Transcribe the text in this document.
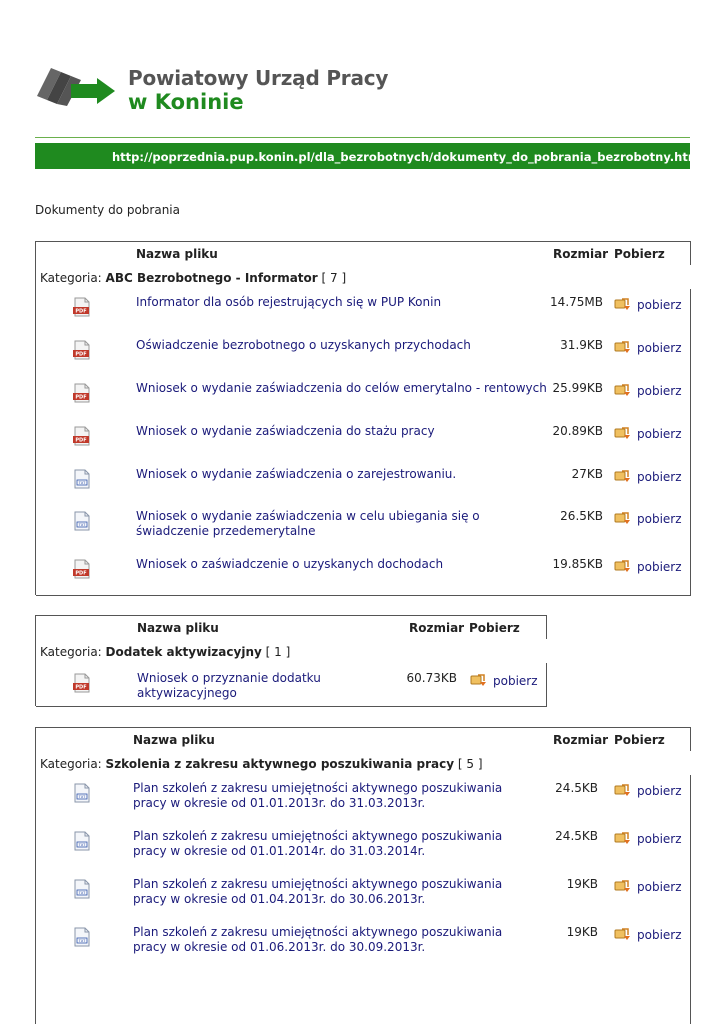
Powiatowy Urząd Pracy
w Koninie
http://poprzednia.pup.konin.pl/dla_bezrobotnych/dokumenty_do_pobrania_bezrobotny.html
Dokumenty do pobrania
Nazwa pliku	Rozmiar Pobierz
Kategoria: ABC Bezrobotnego - Informator [ 7 ]
PDF
Informator dla osób rejestrujących się w PUP Konin	14.75MB	pobierz
PDF
Oświadczenie bezrobotnego o uzyskanych przychodach	31.9KB	pobierz
PDF
Wniosek o wydanie zaświadczenia do celów emerytalno - rentowych 25.99KB	pobierz
PDF
Wniosek o wydanie zaświadczenia do stażu pracy	20.89KB	pobierz
TXT
Wniosek o wydanie zaświadczenia o zarejestrowaniu.	27KB	pobierz
TXT
Wniosek o wydanie zaświadczenia w celu ubiegania się o świadczenie przedemerytalne
26.5KB	pobierz
PDF
Wniosek o zaświadczenie o uzyskanych dochodach	19.85KB	pobierz
Nazwa pliku	Rozmiar Pobierz
Kategoria: Dodatek aktywizacyjny [ 1 ]
PDF
Wniosek o przyznanie dodatku aktywizacyjnego
60.73KB	pobierz
Nazwa pliku	Rozmiar Pobierz
Kategoria: Szkolenia z zakresu aktywnego poszukiwania pracy [ 5 ]
TXT
Plan szkoleń z zakresu umiejętności aktywnego poszukiwania pracy w okresie od 01.01.2013r. do 31.03.2013r.
24.5KB	pobierz
TXT
Plan szkoleń z zakresu umiejętności aktywnego poszukiwania pracy w okresie od 01.01.2014r. do 31.03.2014r.
24.5KB	pobierz
TXT
Plan szkoleń z zakresu umiejętności aktywnego poszukiwania pracy w okresie od 01.04.2013r. do 30.06.2013r.
19KB	pobierz
TXT
Plan szkoleń z zakresu umiejętności aktywnego poszukiwania pracy w okresie od 01.06.2013r. do 30.09.2013r.
19KB	pobierz
